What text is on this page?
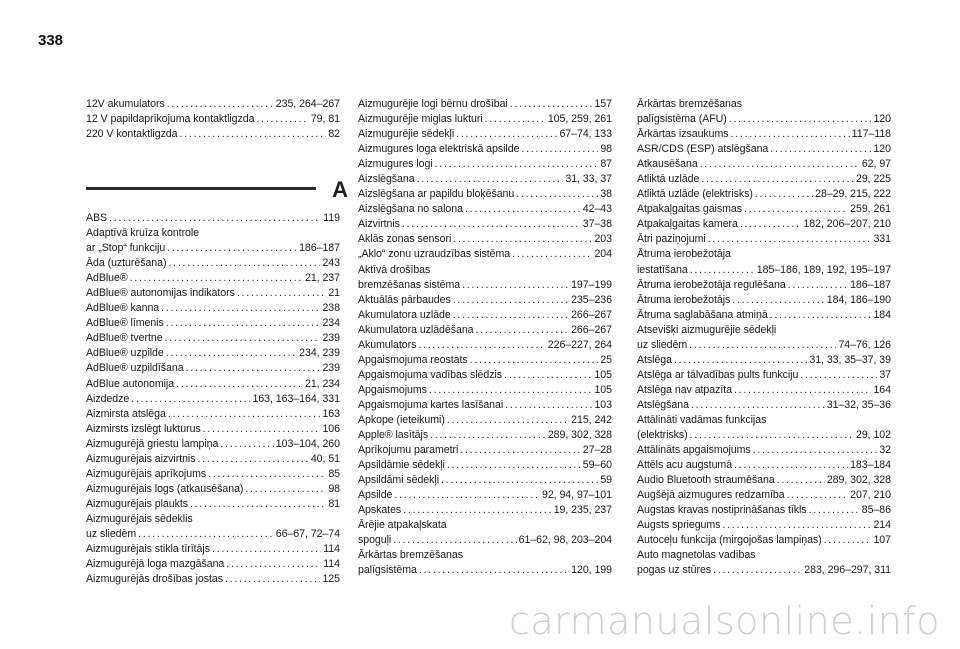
338
12V akumulators . . .	235, 264–267
12 V papildaprīkojuma kontaktligzda . . .	79, 81
220 V kontaktligzda . . .	82
A
ABS . . .	119
Adaptīvā kruīza kontrole
ar „Stop“ funkciju . . .	186–187
Āda (uzturēšana) . . .	243
AdBlue® . . .	21, 237
AdBlue® autonomijas indikators . . .	21
AdBlue® kanna . . .	238
AdBlue® līmenis . . .	234
AdBlue® tvertne . . .	239
AdBlue® uzpilde . . .	234, 239
AdBlue® uzpildīšana . . .	239
AdBlue autonomija . . .	21, 234
Aizdedze . . .	163, 163–164, 331
Aizmirsta atslēga . . .	163
Aizmirsts izslēgt lukturus . . .	106
Aizmugurējā griestu lampiņa . . .	103–104, 260
Aizmugurējais aizvirtnis . . .	40, 51
Aizmugurējais aprīkojums . . .	85
Aizmugurējais logs (atkausēšana) . . .	98
Aizmugurējais plaukts . . .	81
Aizmugurējais sēdeklis
uz sliedēm . . .	66–67, 72–74
Aizmugurējais stikla tīrītājs . . .	114
Aizmugurējā loga mazgāšana . . .	114
Aizmugurējās drošības jostas . . .	125
Aizmugurējie logi bērnu drošībai . . .	157
Aizmugurējie miglas lukturi . . .	105, 259, 261
Aizmugurējie sēdekļi . . .	67–74, 133
Aizmugures loga elektriskā apsilde . . .	98
Aizmugures logi . . .	87
Aizslēgšana . . .	31, 33, 37
Aizslēgšana ar papildu bloķēšanu . . .	38
Aizslēgšana no salona . . .	42–43
Aizvirtnis . . .	37–38
Aklās zonas sensori . . .	203
„Aklo“ zonu uzraudzības sistēma . . .	204
Aktīvā drošības
bremzēšanas sistēma . . .	197–199
Aktuālās pārbaudes . . .	235–236
Akumulatora uzlāde . . .	266–267
Akumulatora uzlādēšana . . .	266–267
Akumulators . . .	226–227, 264
Apgaismojuma reostats . . .	25
Apgaismojuma vadības slēdzis . . .	105
Apgaismojums . . .	105
Apgaismojuma kartes lasīšanai . . .	103
Apkope (ieteikumi) . . .	215, 242
Apple® lasītājs . . .	289, 302, 328
Aprīkojumu parametri . . .	27–28
Apsildāmie sēdekļi . . .	59–60
Apsildāmi sēdekļi . . .	59
Apsilde . . .	92, 94, 97–101
Apskates . . .	19, 235, 237
Ārējie atpakaļskata
spoguļi . . .	61–62, 98, 203–204
Ārkārtas bremzēšanas
palīgsistēma . . .	120, 199
Ārkārtas bremzēšanas
palīgsistēma (AFU) . . .	120
Ārkārtas izsaukums . . .	117–118
ASR/CDS (ESP) atslēgšana . . .	120
Atkausēšana . . .	62, 97
Atliktā uzlāde . . .	29, 225
Atliktā uzlāde (elektrisks) . . .	28–29, 215, 222
Atpakaļgaitas gaismas . . .	259, 261
Atpakaļgaitas kamera . . .	182, 206–207, 210
Ātri paziņojumi . . .	331
Ātruma ierobežotāja
iestatīšana . . .	185–186, 189, 192, 195–197
Ātruma ierobežotāja regulēšana . . .	186–187
Ātruma ierobežotājs . . .	184, 186–190
Ātruma saglabāšana atmiņā . . .	184
Atsevišķi aizmugurējie sēdekļi
uz sliedēm . . .	74–76, 126
Atslēga . . .	31, 33, 35–37, 39
Atslēga ar tālvadības pults funkciju . . .	37
Atslēga nav atpazīta . . .	164
Atslēgšana . . .	31–32, 35–36
Attālināti vadāmas funkcijas
(elektrisks) . . .	29, 102
Attālināts apgaismojums . . .	32
Attēls acu augstumā . . .	183–184
Audio Bluetooth straumēšana . . .	289, 302, 328
Augšējā aizmugures redzamība . . .	207, 210
Augstas kravas nostiprināšanas tīkls . . .	85–86
Augsts spriegums . . .	214
Autoceļu funkcija (mirgojošas lampiņas) . . .	107
Auto magnetolas vadības
pogas uz stūres . . .	283, 296–297, 311
carmanualsonline.info
